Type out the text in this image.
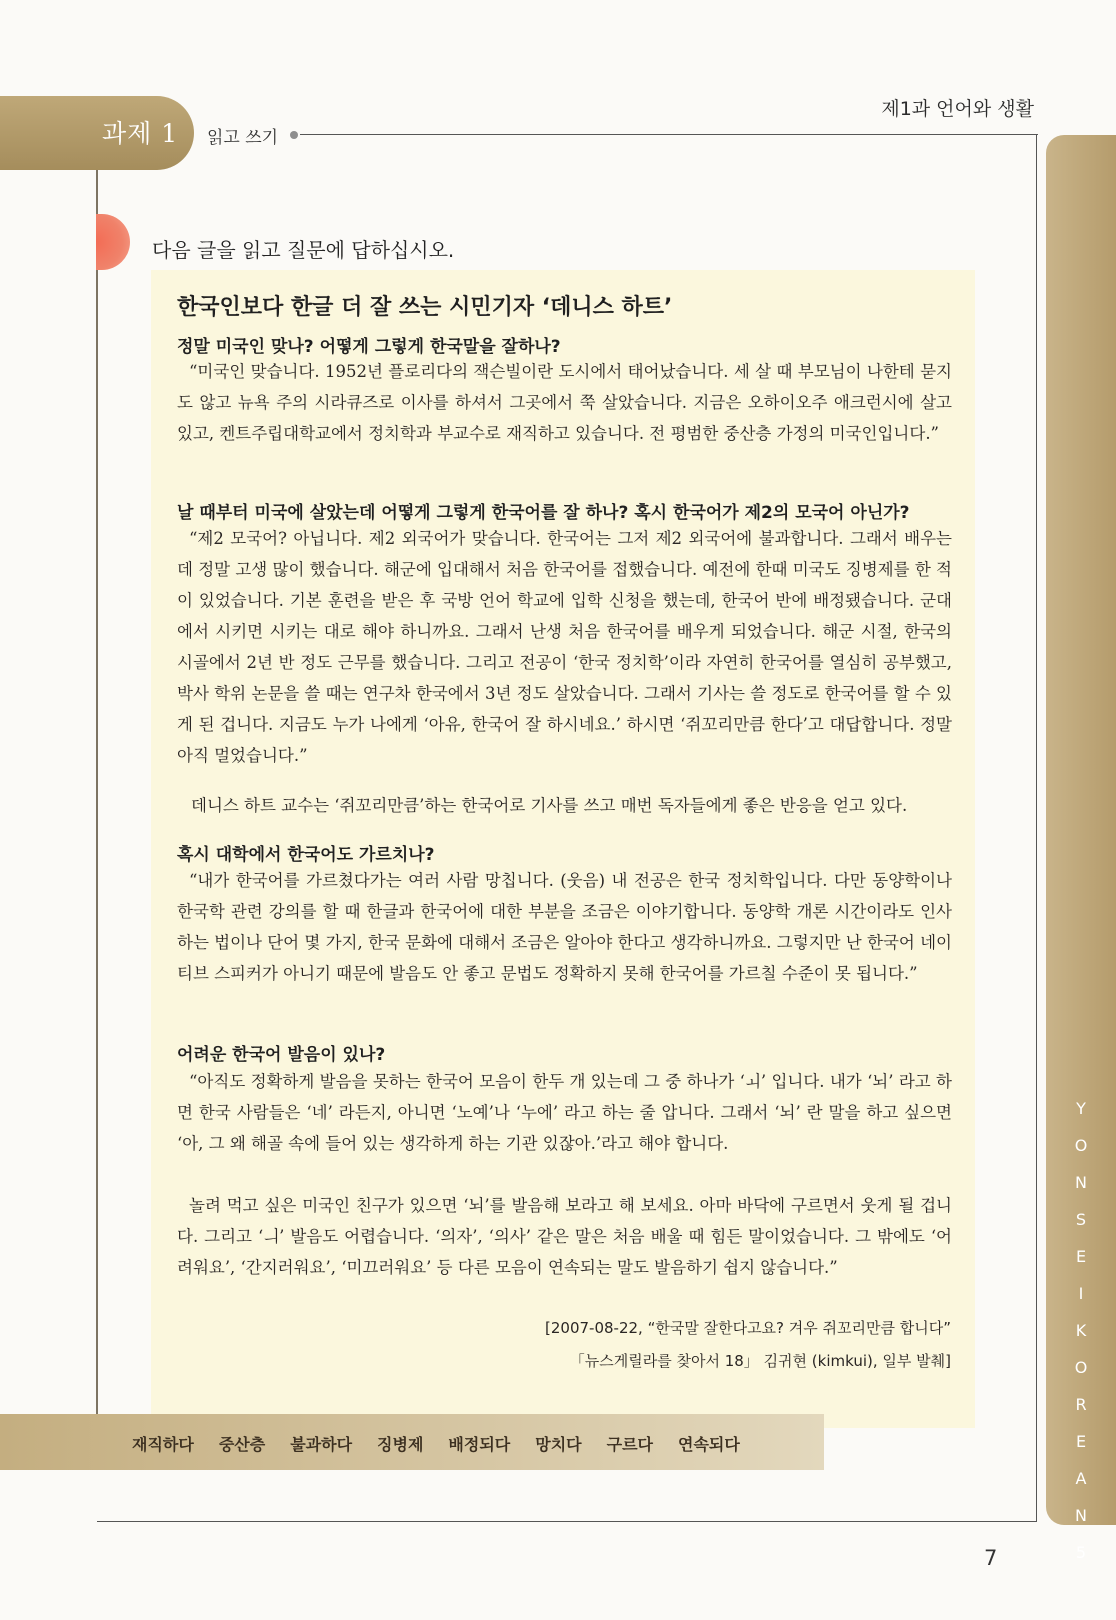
제1과 언어와 생활
과제 1 읽고 쓰기
Y
O
N
S
E
I
K
O
R
E
A
N
5
다음 글을 읽고 질문에 답하십시오.
한국인보다 한글 더 잘 쓰는 시민기자 ‘데니스 하트’
정말 미국인 맞나? 어떻게 그렇게 한국말을 잘하나?
“미국인 맞습니다. 1952년 플로리다의 잭슨빌이란 도시에서 태어났습니다. 세 살 때 부모님이 나한테 묻지도 않고 뉴욕 주의 시라큐즈로 이사를 하셔서 그곳에서 쭉 살았습니다. 지금은 오하이오주 애크런시에 살고 있고, 켄트주립대학교에서 정치학과 부교수로 재직하고 있습니다. 전 평범한 중산층 가정의 미국인입니다.”
날 때부터 미국에 살았는데 어떻게 그렇게 한국어를 잘 하나? 혹시 한국어가 제2의 모국어 아닌가?
“제2 모국어? 아닙니다. 제2 외국어가 맞습니다. 한국어는 그저 제2 외국어에 불과합니다. 그래서 배우는 데 정말 고생 많이 했습니다. 해군에 입대해서 처음 한국어를 접했습니다. 예전에 한때 미국도 징병제를 한 적이 있었습니다. 기본 훈련을 받은 후 국방 언어 학교에 입학 신청을 했는데, 한국어 반에 배정됐습니다. 군대에서 시키면 시키는 대로 해야 하니까요. 그래서 난생 처음 한국어를 배우게 되었습니다. 해군 시절, 한국의 시골에서 2년 반 정도 근무를 했습니다. 그리고 전공이 ‘한국 정치학’이라 자연히 한국어를 열심히 공부했고, 박사 학위 논문을 쓸 때는 연구차 한국에서 3년 정도 살았습니다. 그래서 기사는 쓸 정도로 한국어를 할 수 있게 된 겁니다. 지금도 누가 나에게 ‘아유, 한국어 잘 하시네요.’ 하시면 ‘쥐꼬리만큼 한다’고 대답합니다. 정말 아직 멀었습니다.”
데니스 하트 교수는 ‘쥐꼬리만큼’하는 한국어로 기사를 쓰고 매번 독자들에게 좋은 반응을 얻고 있다.
혹시 대학에서 한국어도 가르치나?
“내가 한국어를 가르쳤다가는 여러 사람 망칩니다. (웃음) 내 전공은 한국 정치학입니다. 다만 동양학이나 한국학 관련 강의를 할 때 한글과 한국어에 대한 부분을 조금은 이야기합니다. 동양학 개론 시간이라도 인사하는 법이나 단어 몇 가지, 한국 문화에 대해서 조금은 알아야 한다고 생각하니까요. 그렇지만 난 한국어 네이티브 스피커가 아니기 때문에 발음도 안 좋고 문법도 정확하지 못해 한국어를 가르칠 수준이 못 됩니다.”
어려운 한국어 발음이 있나?
“아직도 정확하게 발음을 못하는 한국어 모음이 한두 개 있는데 그 중 하나가 ‘ㅚ’ 입니다. 내가 ‘뇌’ 라고 하면 한국 사람들은 ‘네’ 라든지, 아니면 ‘노예’나 ‘누에’ 라고 하는 줄 압니다. 그래서 ‘뇌’ 란 말을 하고 싶으면 ‘아, 그 왜 해골 속에 들어 있는 생각하게 하는 기관 있잖아.’라고 해야 합니다.
놀려 먹고 싶은 미국인 친구가 있으면 ‘뇌’를 발음해 보라고 해 보세요. 아마 바닥에 구르면서 웃게 될 겁니다. 그리고 ‘ㅢ’ 발음도 어렵습니다. ‘의자’, ‘의사’ 같은 말은 처음 배울 때 힘든 말이었습니다. 그 밖에도 ‘어려워요’, ‘간지러워요’, ‘미끄러워요’ 등 다른 모음이 연속되는 말도 발음하기 쉽지 않습니다.”
[2007-08-22, “한국말 잘한다고요? 겨우 쥐꼬리만큼 합니다”
「뉴스게릴라를 찾아서 18」 김귀현 (kimkui), 일부 발췌]
재직하다 중산층 불과하다 징병제 배정되다 망치다 구르다 연속되다
7
